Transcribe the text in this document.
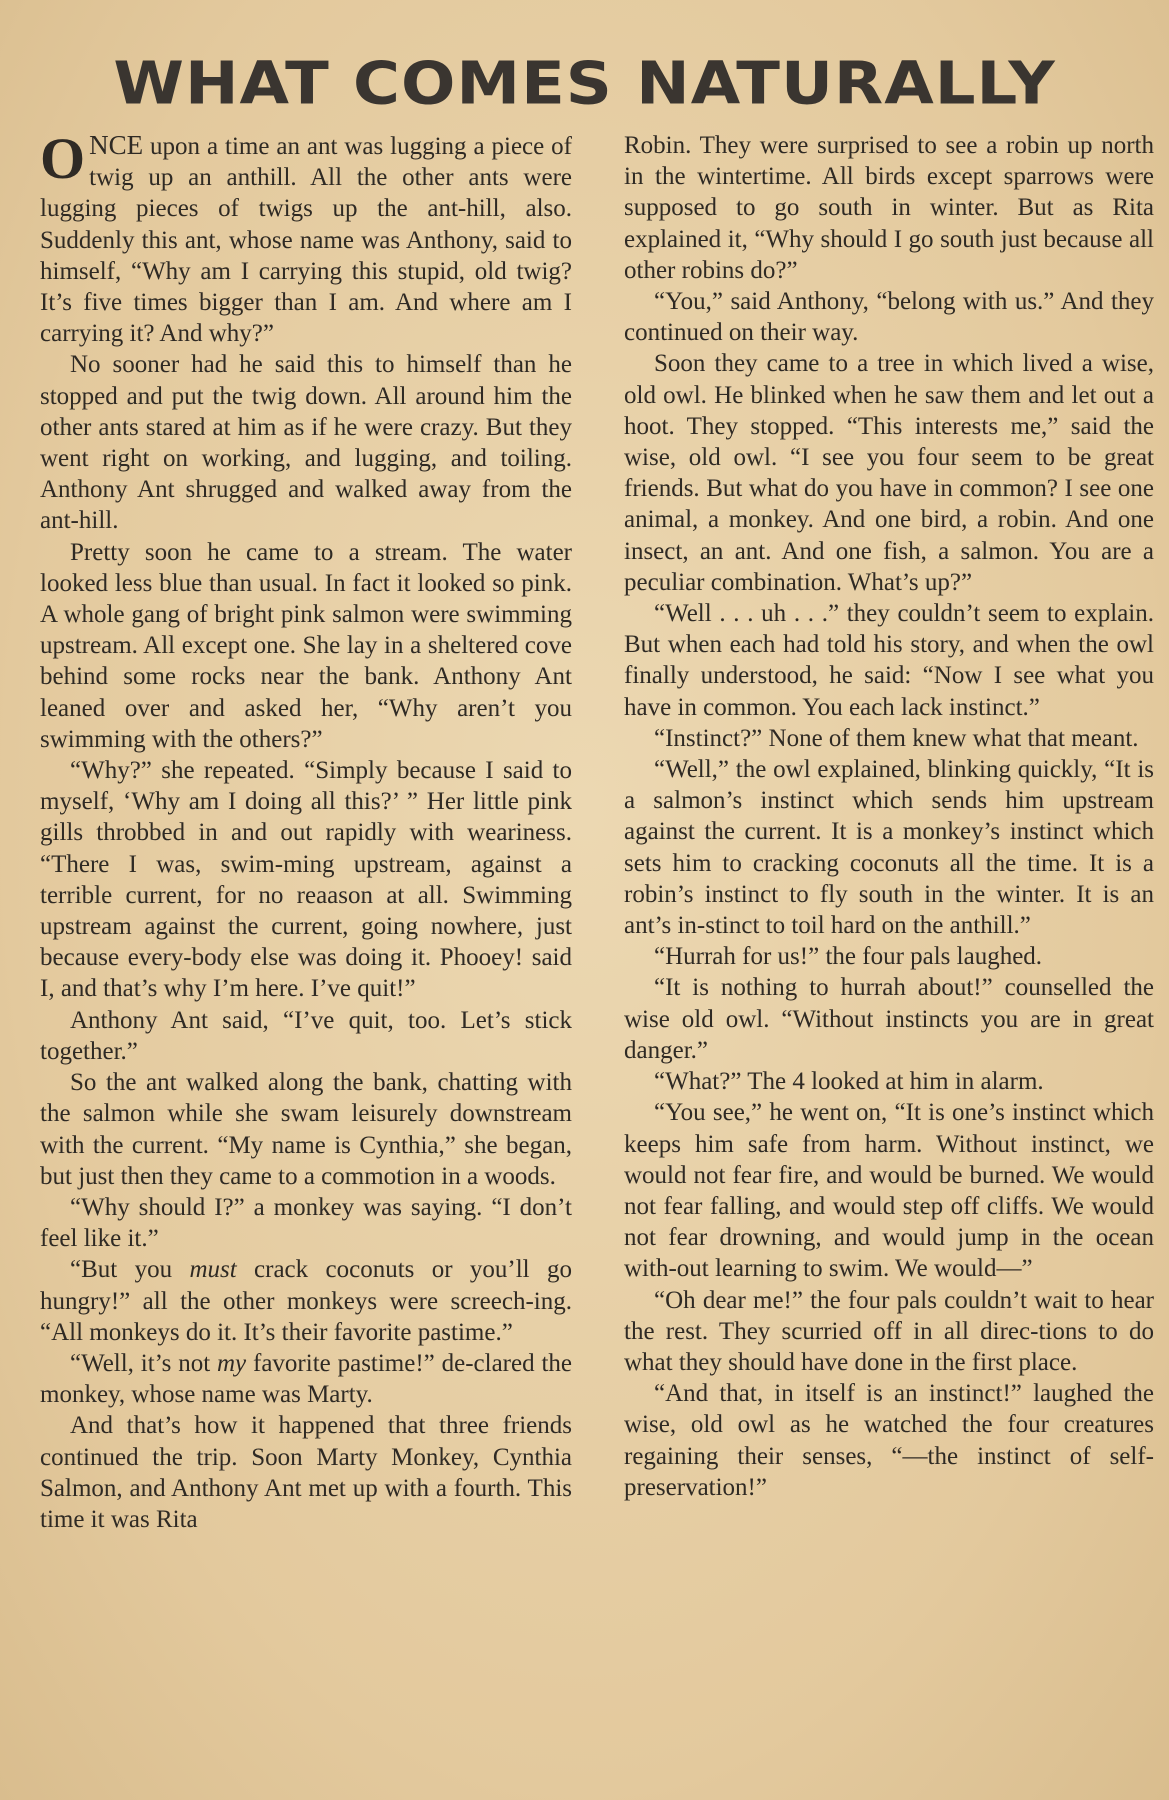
WHAT COMES NATURALLY

ONCE upon a time an ant was lugging a piece of twig up an anthill. All the other ants were lugging pieces of twigs up the ant-hill, also. Suddenly this ant, whose name was Anthony, said to himself, “Why am I carrying this stupid, old twig? It’s five times bigger than I am. And where am I carrying it? And why?”

No sooner had he said this to himself than he stopped and put the twig down. All around him the other ants stared at him as if he were crazy. But they went right on working, and lugging, and toiling. Anthony Ant shrugged and walked away from the ant-hill.

Pretty soon he came to a stream. The water looked less blue than usual. In fact it looked so pink. A whole gang of bright pink salmon were swimming upstream. All except one. She lay in a sheltered cove behind some rocks near the bank. Anthony Ant leaned over and asked her, “Why aren’t you swimming with the others?”

“Why?” she repeated. “Simply because I said to myself, ‘Why am I doing all this?’ ” Her little pink gills throbbed in and out rapidly with weariness. “There I was, swim-ming upstream, against a terrible current, for no reaason at all. Swimming upstream against the current, going nowhere, just because every-body else was doing it. Phooey! said I, and that’s why I’m here. I’ve quit!”

Anthony Ant said, “I’ve quit, too. Let’s stick together.”

So the ant walked along the bank, chatting with the salmon while she swam leisurely downstream with the current. “My name is Cynthia,” she began, but just then they came to a commotion in a woods.

“Why should I?” a monkey was saying. “I don’t feel like it.”

“But you must crack coconuts or you’ll go hungry!” all the other monkeys were screech-ing. “All monkeys do it. It’s their favorite pastime.”

“Well, it’s not my favorite pastime!” de-clared the monkey, whose name was Marty.

And that’s how it happened that three friends continued the trip. Soon Marty Monkey, Cynthia Salmon, and Anthony Ant met up with a fourth. This time it was Rita

Robin. They were surprised to see a robin up north in the wintertime. All birds except sparrows were supposed to go south in winter. But as Rita explained it, “Why should I go south just because all other robins do?”

“You,” said Anthony, “belong with us.” And they continued on their way.

Soon they came to a tree in which lived a wise, old owl. He blinked when he saw them and let out a hoot. They stopped. “This interests me,” said the wise, old owl. “I see you four seem to be great friends. But what do you have in common? I see one animal, a monkey. And one bird, a robin. And one insect, an ant. And one fish, a salmon. You are a peculiar combination. What’s up?”

“Well . . . uh . . .” they couldn’t seem to explain. But when each had told his story, and when the owl finally understood, he said: “Now I see what you have in common. You each lack instinct.”

“Instinct?” None of them knew what that meant.

“Well,” the owl explained, blinking quickly, “It is a salmon’s instinct which sends him upstream against the current. It is a monkey’s instinct which sets him to cracking coconuts all the time. It is a robin’s instinct to fly south in the winter. It is an ant’s in-stinct to toil hard on the anthill.”

“Hurrah for us!” the four pals laughed.

“It is nothing to hurrah about!” counselled the wise old owl. “Without instincts you are in great danger.”

“What?” The 4 looked at him in alarm.

“You see,” he went on, “It is one’s instinct which keeps him safe from harm. Without instinct, we would not fear fire, and would be burned. We would not fear falling, and would step off cliffs. We would not fear drowning, and would jump in the ocean with-out learning to swim. We would—”

“Oh dear me!” the four pals couldn’t wait to hear the rest. They scurried off in all direc-tions to do what they should have done in the first place.

“And that, in itself is an instinct!” laughed the wise, old owl as he watched the four creatures regaining their senses, “—the instinct of self-preservation!”
